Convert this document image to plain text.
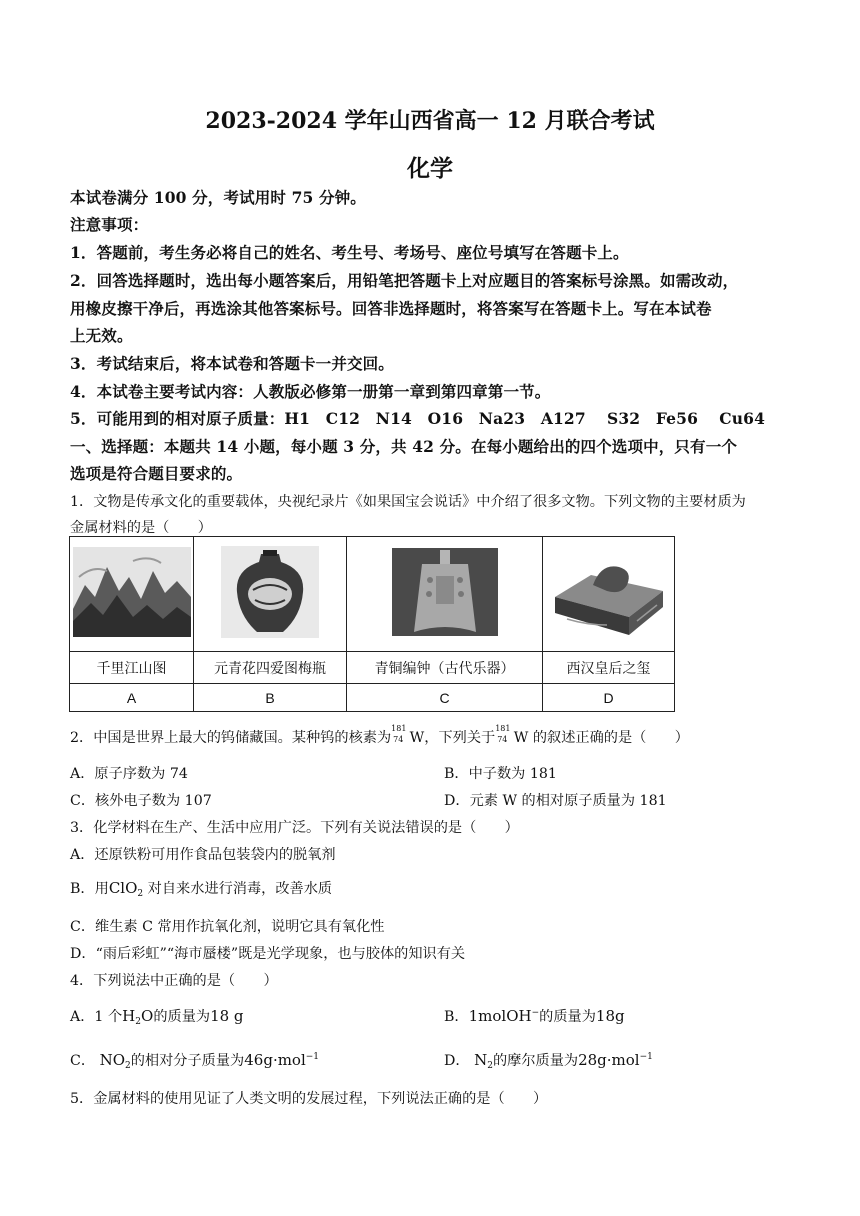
2023-2024 学年山西省高一 12 月联合考试
化学
本试卷满分 100 分，考试用时 75 分钟。
注意事项：
1．答题前，考生务必将自己的姓名、考生号、考场号、座位号填写在答题卡上。
2．回答选择题时，选出每小题答案后，用铅笔把答题卡上对应题目的答案标号涂黑。如需改动，
用橡皮擦干净后，再选涂其他答案标号。回答非选择题时，将答案写在答题卡上。写在本试卷
上无效。
3．考试结束后，将本试卷和答题卡一并交回。
4．本试卷主要考试内容：人教版必修第一册第一章到第四章第一节。
5．可能用到的相对原子质量：H1　C12　N14　O16　Na23　A127　 S32　Fe56　 Cu64
一、选择题：本题共 14 小题，每小题 3 分，共 42 分。在每小题给出的四个选项中，只有一个
选项是符合题目要求的。
1．文物是传承文化的重要载体，央视纪录片《如果国宝会说话》中介绍了很多文物。下列文物的主要材质为
金属材料的是（　　）

千里江山图	元青花四爱图梅瓶	青铜编钟（古代乐器）	西汉皇后之玺
A	B	C	D
2．中国是世界上最大的钨储藏国。某种钨的核素为
181
74 W，下列关于
181
74 W 的叙述正确的是（　　）
A．原子序数为 74	B．中子数为 181
C．核外电子数为 107	D．元素 W 的相对原子质量为 181
3．化学材料在生产、生活中应用广泛。下列有关说法错误的是（　　）
A．还原铁粉可用作食品包装袋内的脱氧剂
B．用ClO$_2$ 对自来水进行消毒，改善水质
C．维生素 C 常用作抗氧化剂，说明它具有氧化性
D．“雨后彩虹”“海市蜃楼”既是光学现象，也与胶体的知识有关
4．下列说法中正确的是（　　）
A．1 个$H_2O$的质量为18 g	B．1molOH−的质量为18g
C． $NO_2$的相对分子质量为46g·mol$^{-1}$	D． $N_2$的摩尔质量为28g·mol$^{-1}$
5．金属材料的使用见证了人类文明的发展过程，下列说法正确的是（　　）
